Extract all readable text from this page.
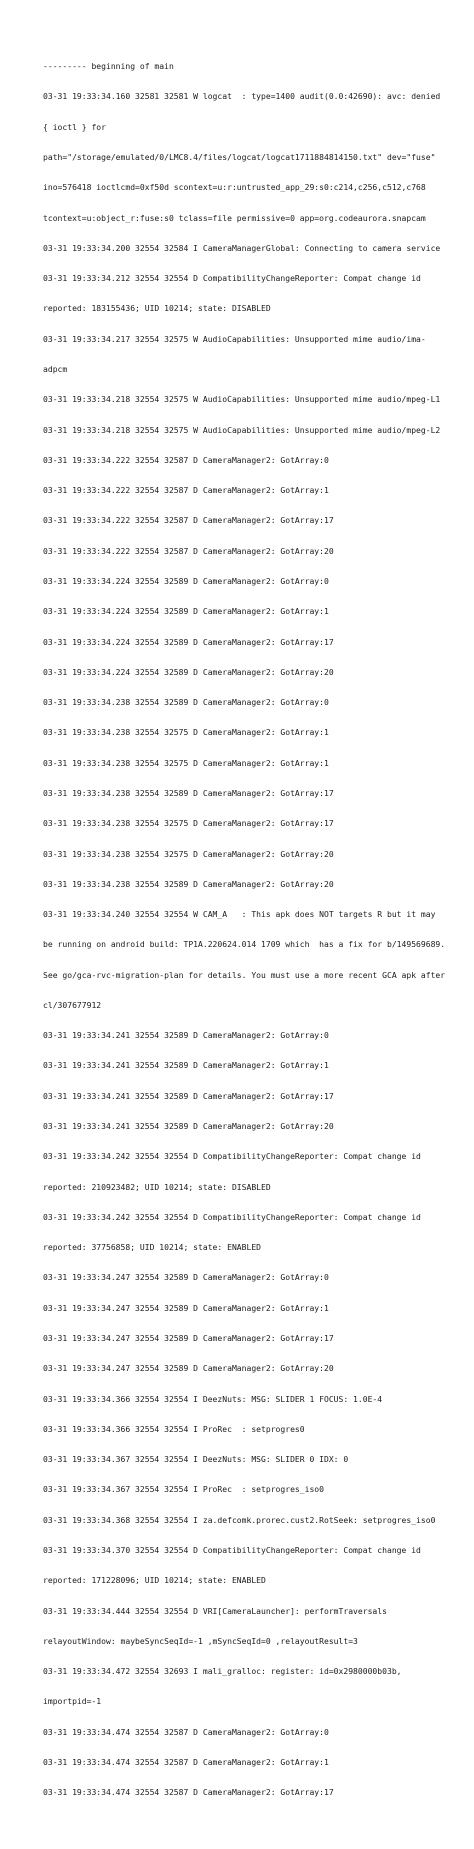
--------- beginning of main

03-31 19:33:34.160 32581 32581 W logcat  : type=1400 audit(0.0:42690): avc: denied

{ ioctl } for

path="/storage/emulated/0/LMC8.4/files/logcat/logcat1711884814150.txt" dev="fuse"

ino=576418 ioctlcmd=0xf50d scontext=u:r:untrusted_app_29:s0:c214,c256,c512,c768

tcontext=u:object_r:fuse:s0 tclass=file permissive=0 app=org.codeaurora.snapcam

03-31 19:33:34.200 32554 32584 I CameraManagerGlobal: Connecting to camera service

03-31 19:33:34.212 32554 32554 D CompatibilityChangeReporter: Compat change id

reported: 183155436; UID 10214; state: DISABLED

03-31 19:33:34.217 32554 32575 W AudioCapabilities: Unsupported mime audio/ima-

adpcm

03-31 19:33:34.218 32554 32575 W AudioCapabilities: Unsupported mime audio/mpeg-L1

03-31 19:33:34.218 32554 32575 W AudioCapabilities: Unsupported mime audio/mpeg-L2

03-31 19:33:34.222 32554 32587 D CameraManager2: GotArray:0

03-31 19:33:34.222 32554 32587 D CameraManager2: GotArray:1

03-31 19:33:34.222 32554 32587 D CameraManager2: GotArray:17

03-31 19:33:34.222 32554 32587 D CameraManager2: GotArray:20

03-31 19:33:34.224 32554 32589 D CameraManager2: GotArray:0

03-31 19:33:34.224 32554 32589 D CameraManager2: GotArray:1

03-31 19:33:34.224 32554 32589 D CameraManager2: GotArray:17

03-31 19:33:34.224 32554 32589 D CameraManager2: GotArray:20

03-31 19:33:34.238 32554 32589 D CameraManager2: GotArray:0

03-31 19:33:34.238 32554 32575 D CameraManager2: GotArray:1

03-31 19:33:34.238 32554 32575 D CameraManager2: GotArray:1

03-31 19:33:34.238 32554 32589 D CameraManager2: GotArray:17

03-31 19:33:34.238 32554 32575 D CameraManager2: GotArray:17

03-31 19:33:34.238 32554 32575 D CameraManager2: GotArray:20

03-31 19:33:34.238 32554 32589 D CameraManager2: GotArray:20

03-31 19:33:34.240 32554 32554 W CAM_A   : This apk does NOT targets R but it may

be running on android build: TP1A.220624.014 1709 which  has a fix for b/149569689.

See go/gca-rvc-migration-plan for details. You must use a more recent GCA apk after

cl/307677912

03-31 19:33:34.241 32554 32589 D CameraManager2: GotArray:0

03-31 19:33:34.241 32554 32589 D CameraManager2: GotArray:1

03-31 19:33:34.241 32554 32589 D CameraManager2: GotArray:17

03-31 19:33:34.241 32554 32589 D CameraManager2: GotArray:20

03-31 19:33:34.242 32554 32554 D CompatibilityChangeReporter: Compat change id

reported: 210923482; UID 10214; state: DISABLED

03-31 19:33:34.242 32554 32554 D CompatibilityChangeReporter: Compat change id

reported: 37756858; UID 10214; state: ENABLED

03-31 19:33:34.247 32554 32589 D CameraManager2: GotArray:0

03-31 19:33:34.247 32554 32589 D CameraManager2: GotArray:1

03-31 19:33:34.247 32554 32589 D CameraManager2: GotArray:17

03-31 19:33:34.247 32554 32589 D CameraManager2: GotArray:20

03-31 19:33:34.366 32554 32554 I DeezNuts: MSG: SLIDER 1 FOCUS: 1.0E-4

03-31 19:33:34.366 32554 32554 I ProRec  : setprogres0

03-31 19:33:34.367 32554 32554 I DeezNuts: MSG: SLIDER 0 IDX: 0

03-31 19:33:34.367 32554 32554 I ProRec  : setprogres_iso0

03-31 19:33:34.368 32554 32554 I za.defcomk.prorec.cust2.RotSeek: setprogres_iso0

03-31 19:33:34.370 32554 32554 D CompatibilityChangeReporter: Compat change id

reported: 171228096; UID 10214; state: ENABLED

03-31 19:33:34.444 32554 32554 D VRI[CameraLauncher]: performTraversals

relayoutWindow: maybeSyncSeqId=-1 ,mSyncSeqId=0 ,relayoutResult=3

03-31 19:33:34.472 32554 32693 I mali_gralloc: register: id=0x2980000b03b,

importpid=-1

03-31 19:33:34.474 32554 32587 D CameraManager2: GotArray:0

03-31 19:33:34.474 32554 32587 D CameraManager2: GotArray:1

03-31 19:33:34.474 32554 32587 D CameraManager2: GotArray:17
